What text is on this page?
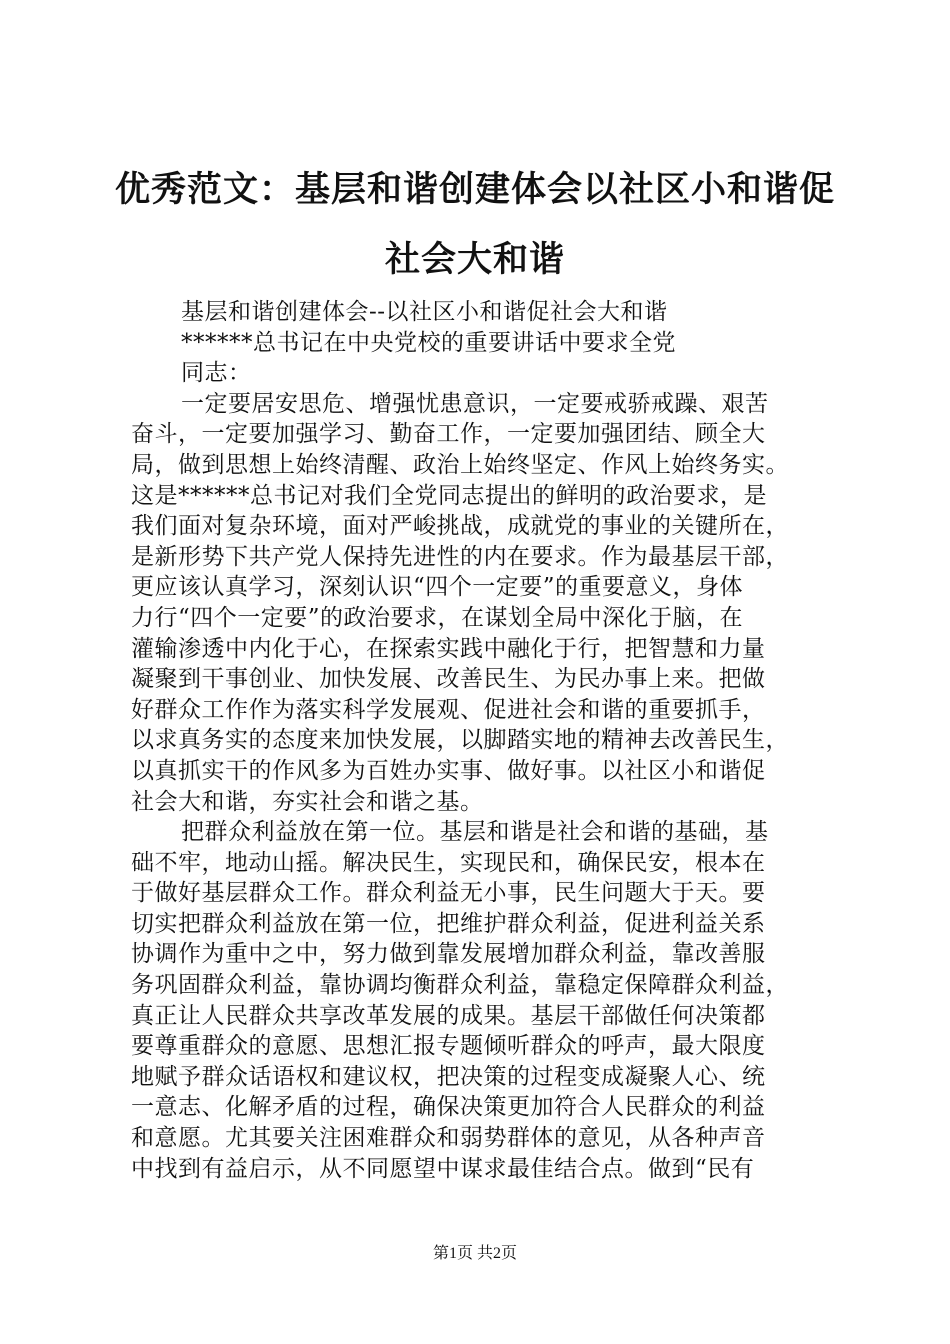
优秀范文：基层和谐创建体会以社区小和谐促
社会大和谐
基层和谐创建体会--以社区小和谐促社会大和谐
******总书记在中央党校的重要讲话中要求全党
同志：
一定要居安思危、增强忧患意识，一定要戒骄戒躁、艰苦
奋斗，一定要加强学习、勤奋工作，一定要加强团结、顾全大
局，做到思想上始终清醒、政治上始终坚定、作风上始终务实。
这是******总书记对我们全党同志提出的鲜明的政治要求，是
我们面对复杂环境，面对严峻挑战，成就党的事业的关键所在，
是新形势下共产党人保持先进性的内在要求。作为最基层干部，
更应该认真学习，深刻认识“四个一定要”的重要意义，身体
力行“四个一定要”的政治要求，在谋划全局中深化于脑，在
灌输渗透中内化于心，在探索实践中融化于行，把智慧和力量
凝聚到干事创业、加快发展、改善民生、为民办事上来。把做
好群众工作作为落实科学发展观、促进社会和谐的重要抓手，
以求真务实的态度来加快发展，以脚踏实地的精神去改善民生，
以真抓实干的作风多为百姓办实事、做好事。以社区小和谐促
社会大和谐，夯实社会和谐之基。
把群众利益放在第一位。基层和谐是社会和谐的基础，基
础不牢，地动山摇。解决民生，实现民和，确保民安，根本在
于做好基层群众工作。群众利益无小事，民生问题大于天。要
切实把群众利益放在第一位，把维护群众利益，促进利益关系
协调作为重中之中，努力做到靠发展增加群众利益，靠改善服
务巩固群众利益，靠协调均衡群众利益，靠稳定保障群众利益，
真正让人民群众共享改革发展的成果。基层干部做任何决策都
要尊重群众的意愿、思想汇报专题倾听群众的呼声，最大限度
地赋予群众话语权和建议权，把决策的过程变成凝聚人心、统
一意志、化解矛盾的过程，确保决策更加符合人民群众的利益
和意愿。尤其要关注困难群众和弱势群体的意见，从各种声音
中找到有益启示，从不同愿望中谋求最佳结合点。做到“民有
第1页 共2页
